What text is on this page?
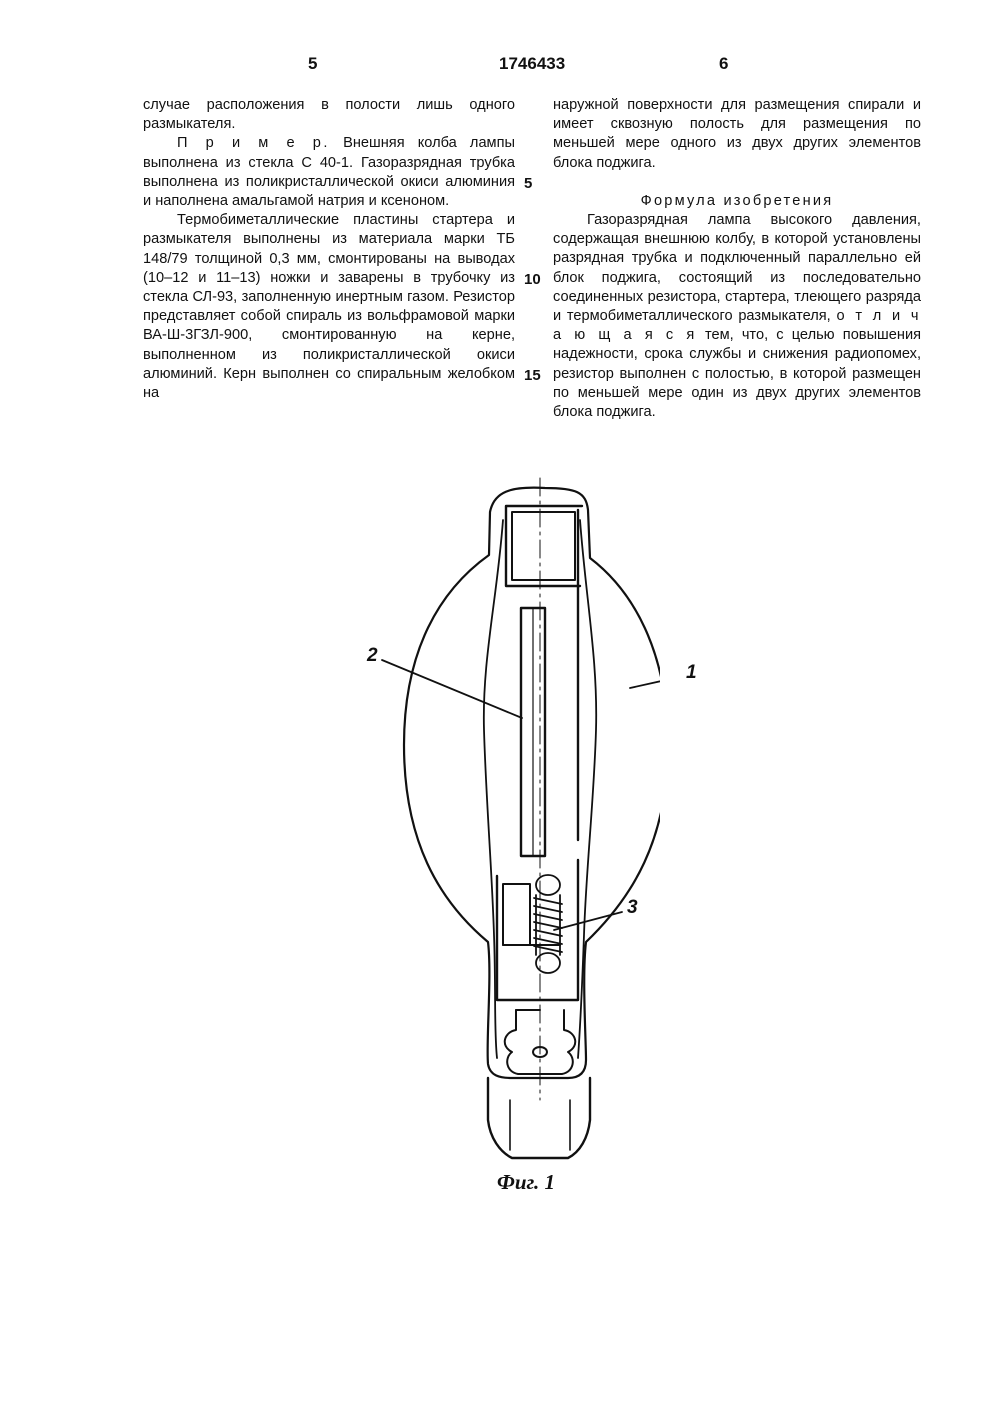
5	1746433	6

случае расположения в полости лишь одного размыкателя.

П р и м е р. Внешняя колба лампы выполнена из стекла С 40-1. Газоразрядная трубка выполнена из поликристаллической окиси алюминия и наполнена амальгамой натрия и ксеноном.

Термобиметаллические пластины стартера и размыкателя выполнены из материала марки ТБ 148/79 толщиной 0,3 мм, смонтированы на выводах (10–12 и 11–13) ножки и заварены в трубочку из стекла СЛ-93, заполненную инертным газом. Резистор представляет собой спираль из вольфрамовой марки ВА-Ш-3ГЗЛ-900, смонтированную на керне, выполненном из поликристаллической окиси алюминий. Керн выполнен со спиральным желобком на

5
10
15

наружной поверхности для размещения спирали и имеет сквозную полость для размещения по меньшей мере одного из двух других элементов блока поджига.

Формула изобретения

Газоразрядная лампа высокого давления, содержащая внешнюю колбу, в которой установлены разрядная трубка и подключенный параллельно ей блок поджига, состоящий из последовательно соединенных резистора, стартера, тлеющего разряда и термобиметаллического размыкателя, о т л и ч а ю щ а я с я тем, что, с целью повышения надежности, срока службы и снижения радиопомех, резистор выполнен с полостью, в которой размещен по меньшей мере один из двух других элементов блока поджига.

1
2
3
Фиг. 1
